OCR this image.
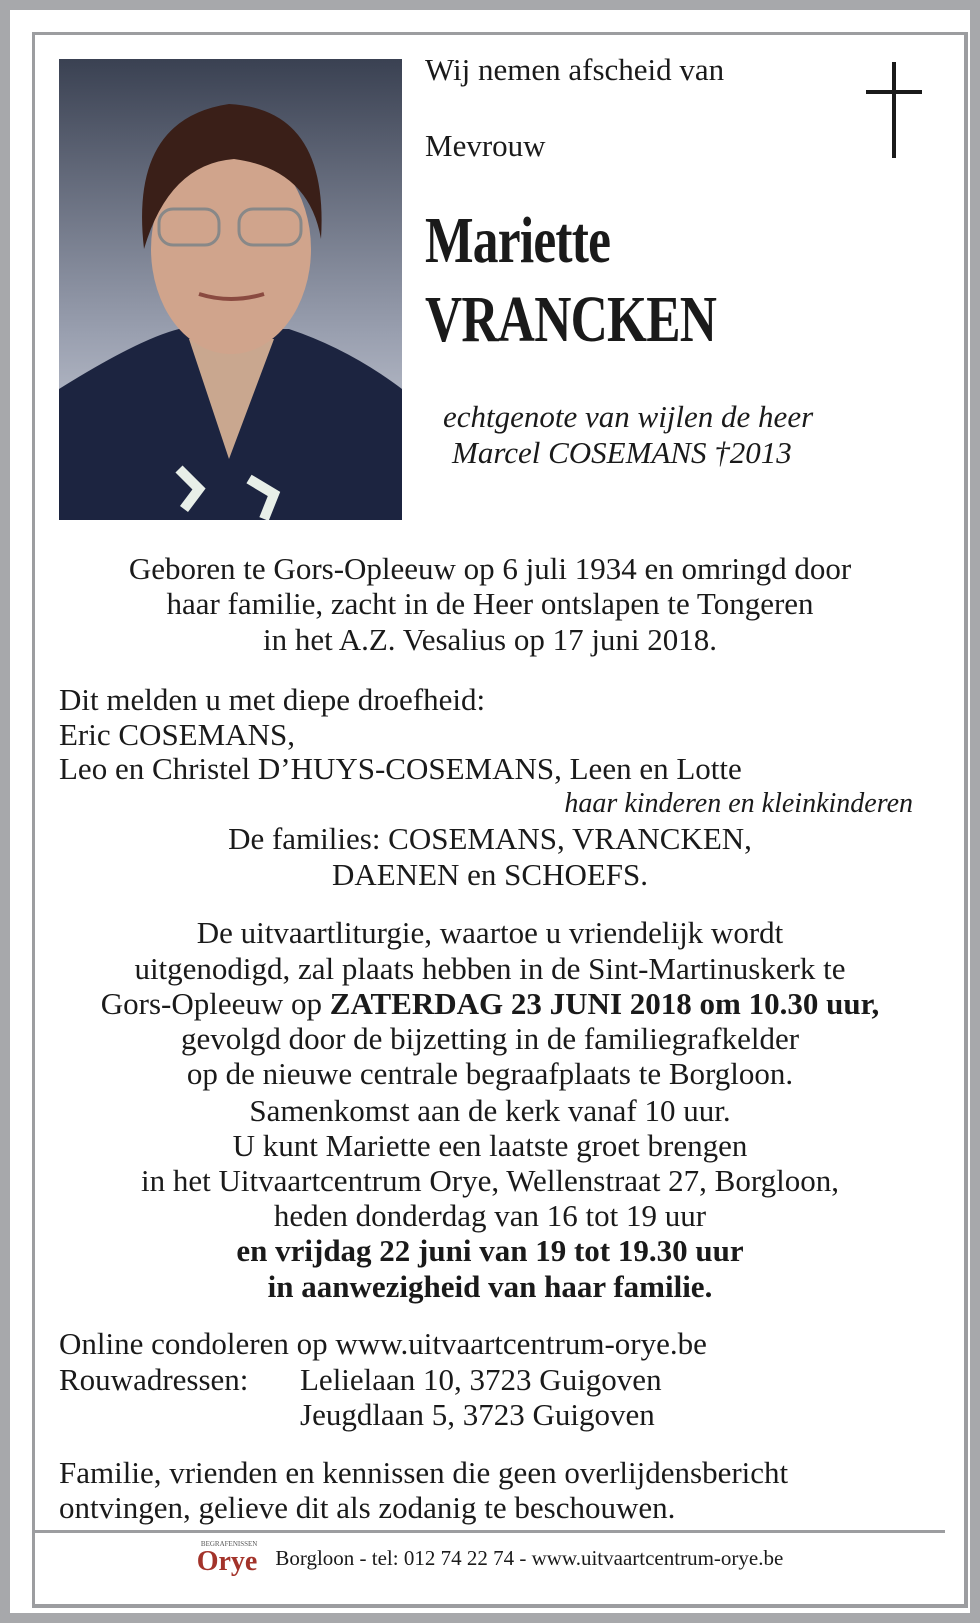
Wij nemen afscheid van
Mevrouw
Mariette
VRANCKEN
echtgenote van wijlen de heer
Marcel COSEMANS †2013
Geboren te Gors-Opleeuw op 6 juli 1934 en omringd door
haar familie, zacht in de Heer ontslapen te Tongeren
in het A.Z. Vesalius op 17 juni 2018.
Dit melden u met diepe droefheid:
Eric COSEMANS,
Leo en Christel D’HUYS-COSEMANS, Leen en Lotte
haar kinderen en kleinkinderen
De families: COSEMANS, VRANCKEN,
DAENEN en SCHOEFS.
De uitvaartliturgie, waartoe u vriendelijk wordt
uitgenodigd, zal plaats hebben in de Sint-Martinuskerk te
Gors-Opleeuw op ZATERDAG 23 JUNI 2018 om 10.30 uur,
gevolgd door de bijzetting in de familiegrafkelder
op de nieuwe centrale begraafplaats te Borgloon.
Samenkomst aan de kerk vanaf 10 uur.
U kunt Mariette een laatste groet brengen
in het Uitvaartcentrum Orye, Wellenstraat 27, Borgloon,
heden donderdag van 16 tot 19 uur
en vrijdag 22 juni van 19 tot 19.30 uur
in aanwezigheid van haar familie.
Online condoleren op www.uitvaartcentrum-orye.be
Rouwadressen: Lelielaan 10, 3723 Guigoven
Jeugdlaan 5, 3723 Guigoven
Familie, vrienden en kennissen die geen overlijdensbericht
ontvingen, gelieve dit als zodanig te beschouwen.
BEGRAFENISSEN
Orye Borgloon - tel: 012 74 22 74 - www.uitvaartcentrum-orye.be
